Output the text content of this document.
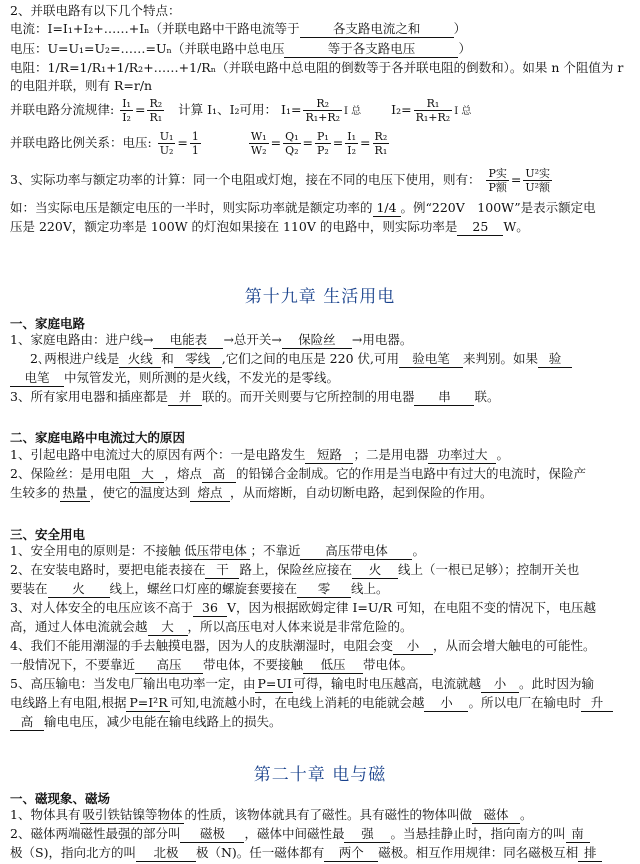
2、并联电路有以下几个特点：
电流：I=I₁+I₂+……+Iₙ（并联电路中干路电流等于	各支路电流之和	）
电压：U=U₁=U₂=……=Uₙ（并联电路中总电压	等于各支路电压	）
电阻：1/R=1/R₁+1/R₂+……+1/Rₙ（并联电路中总电阻的倒数等于各并联电阻的倒数和）。如果 n 个阻值为 r
的电阻并联，则有 R=r/n
并联电路分流规律: $\frac{\text{I₁}}{\text{I₂}} = \frac{\text{R₂}}{\text{R₁}}$ 计算 I₁、I₂可用： $I_1= \frac{\text{R₂}}{\text{R₁+R₂}}$ I 总 $I_2= \frac{\text{R₁}}{\text{R₁+R₂}}$ I 总
并联电路比例关系：电压: $\frac{\text{U₁}}{\text{U₂}} = \frac{1}{1}$
	$\frac{\text{W₁}}{\text{W₂}} = \frac{\text{Q₁}}{\text{Q₂}} = \frac{\text{P₁}}{\text{P₂}} = \frac{\text{I₁}}{\text{I₂}} = \frac{\text{R₂}}{\text{R₁}}$
3、实际功率与额定功率的计算：同一个电阻或灯炮，接在不同的电压下使用，则有： $\frac{\text{P实}}{\text{P额}} = \frac{\text{U²实}}{\text{U²额}}$
如：当实际电压是额定电压的一半时，则实际功率就是额定功率的 1/4 。例“220V　100W”是表示额定电
压是 220V，额定功率是 100W 的灯泡如果接在 110V 的电路中，则实际功率是 25 W。
第十九章 生活用电
一、家庭电路
1、家庭电路由：进户线→ 电能表 →总开关→ 保险丝 →用电器。
2､两根进户线是 火线 和 零线 ,它们之间的电压是 220 伏,可用 验电笔 来判别。如果 验
电笔 中氖管发光，则所测的是火线，不发光的是零线。
3、所有家用电器和插座都是 并 联的。而开关则要与它所控制的用电器 串 联。
二、家庭电路中电流过大的原因
1、引起电路中电流过大的原因有两个：一是电路发生 短路 ；二是用电器 功率过大 。
2、保险丝：是用电阻 大 ，熔点 高 的铅锑合金制成。它的作用是当电路中有过大的电流时，保险产
生较多的 热量 ，使它的温度达到 熔点 ，从而熔断，自动切断电路，起到保险的作用。
三、安全用电
1、安全用电的原则是：不接触 低压带电体 ；不靠近 高压带电体 。
2、在安装电路时，要把电能表接在 干 路上，保险丝应接在 火 线上（一根已足够）；控制开关也
要装在 火 线上，螺丝口灯座的螺旋套要接在 零 线上。
3、对人体安全的电压应该不高于 36 V，因为根据欧姆定律 I=U/R 可知，在电阻不变的情况下，电压越
高，通过人体电流就会越 大 ，所以高压电对人体来说是非常危险的。
4、我们不能用潮湿的手去触摸电器，因为人的皮肤潮湿时，电阻会变 小 ，从而会增大触电的可能性。
一般情况下，不要靠近 高压 带电体，不要接触 低压 带电体。
5、高压输电：当发电厂输出电功率一定，由 P=UI 可得，输电时电压越高，电流就越 小 。此时因为输
电线路上有电阻,根据 P=I²R 可知,电流越小时，在电线上消耗的电能就会越 小 。所以电厂在输电时 升
高 输电电压，减少电能在输电线路上的损失。
第二十章 电与磁
一、磁现象、磁场
1、物体具有 吸引铁钴镍等物体 的性质，该物体就具有了磁性。具有磁性的物体叫做 磁体 。
2、磁体两端磁性最强的部分叫 磁极 ，磁体中间磁性最 强 。当悬挂静止时，指向南方的叫 南
极（S)，指向北方的叫 北极 极（N)。任一磁体都有 两个 磁极。相互作用规律：同名磁极互相 排
